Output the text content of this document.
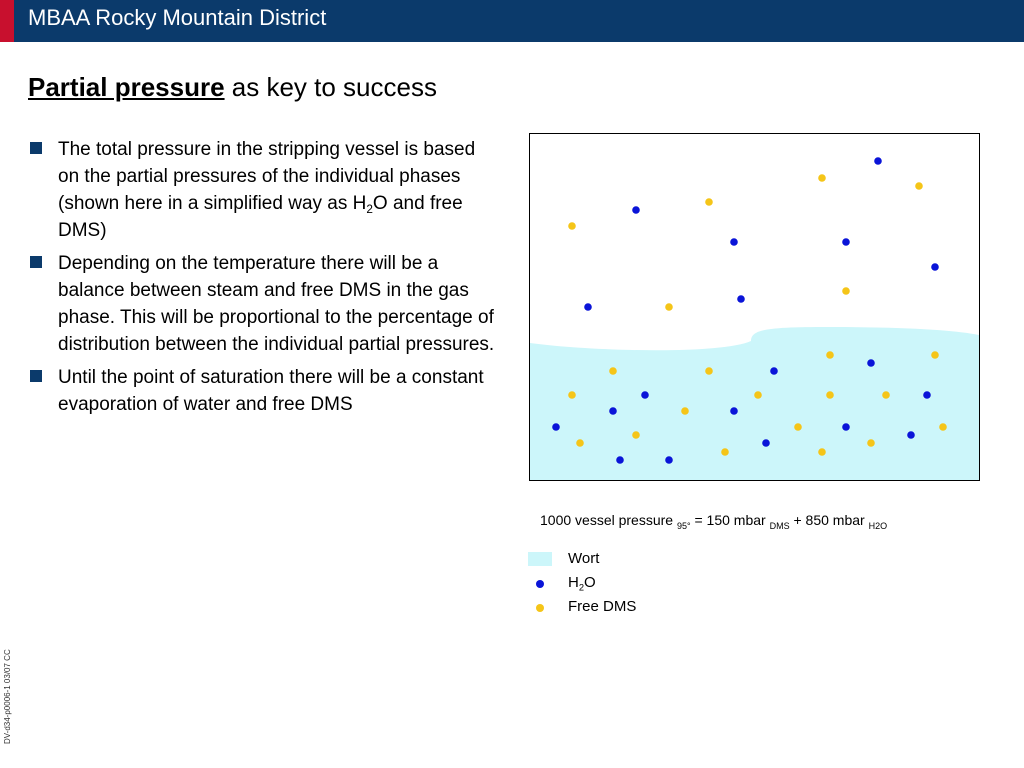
MBAA Rocky Mountain District
Partial pressure as key to success
The total pressure in the stripping vessel is based on the partial pressures of the individual phases (shown here in a simplified way as $H_2O$ and free DMS)
Depending on the temperature there will be a balance between steam and free DMS in the gas phase. This will be proportional to the percentage of distribution between the individual partial pressures.
Until the point of saturation there will be a constant evaporation of water and free DMS
1000 vessel pressure $_{95^\circ}$ = 150 mbar $_{DMS}$ + 850 mbar $_{H2O}$
Wort
$H_2O$
Free DMS
DV-d34-p0006-1 03/07 CC
